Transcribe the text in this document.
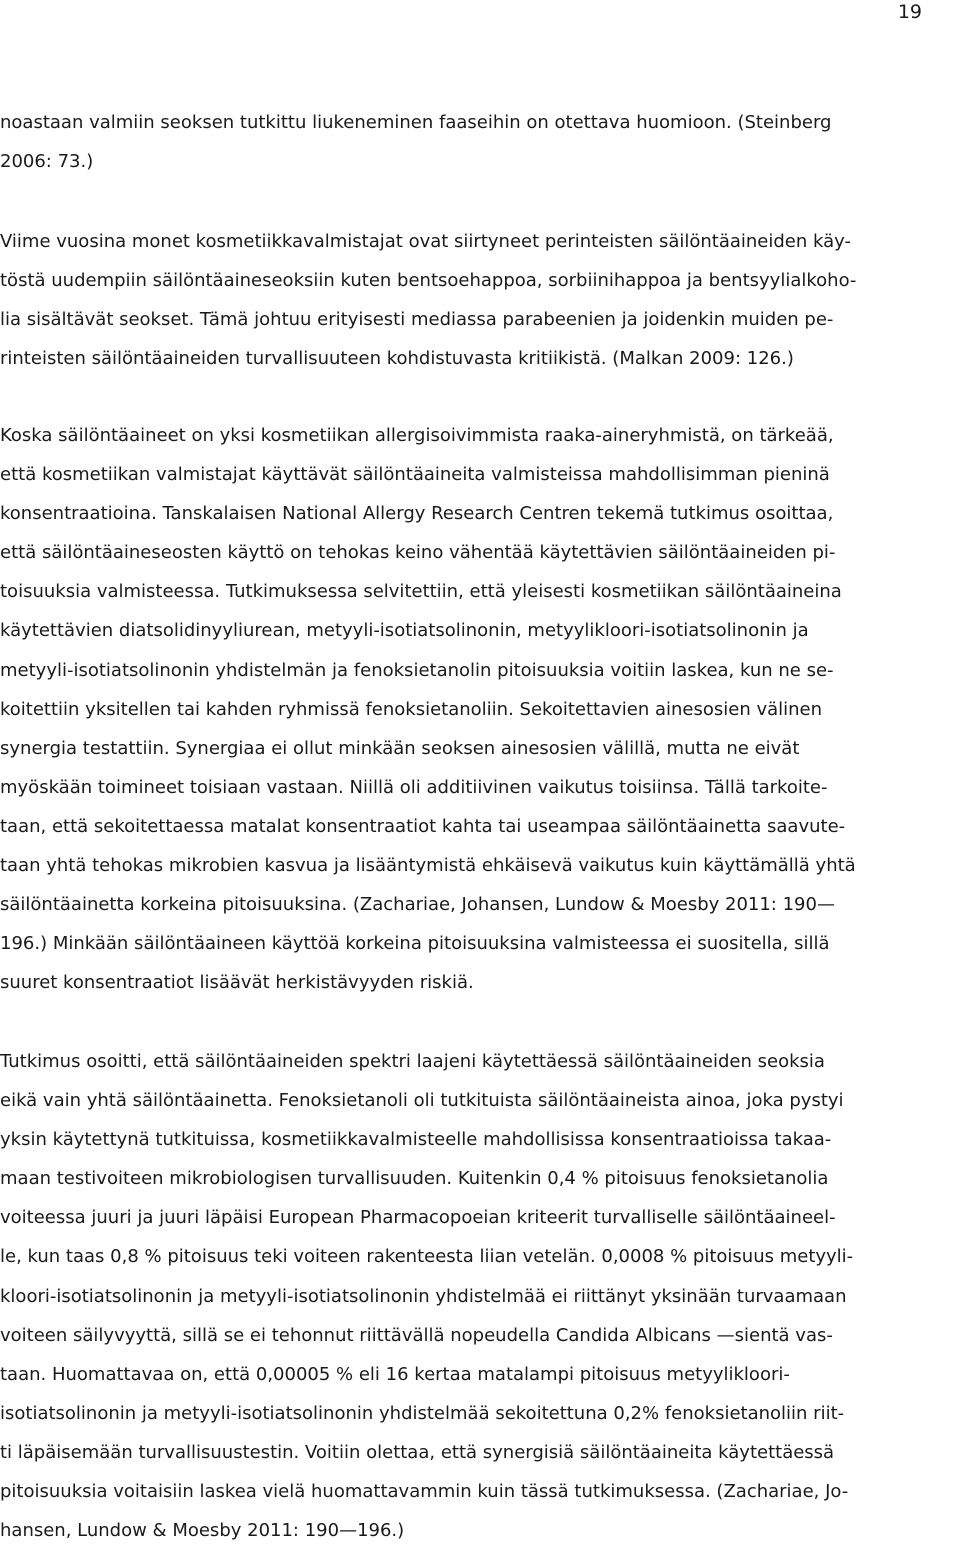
19

noastaan valmiin seoksen tutkittu liukeneminen faaseihin on otettava huomioon. (Steinberg
2006: 73.)

Viime vuosina monet kosmetiikkavalmistajat ovat siirtyneet perinteisten säilöntäaineiden käy-
töstä uudempiin säilöntäaineseoksiin kuten bentsoehappoa, sorbiinihappoa ja bentsyylialkoho-
lia sisältävät seokset. Tämä johtuu erityisesti mediassa parabeenien ja joidenkin muiden pe-
rinteisten säilöntäaineiden turvallisuuteen kohdistuvasta kritiikistä. (Malkan 2009: 126.)

Koska säilöntäaineet on yksi kosmetiikan allergisoivimmista raaka-aineryhmistä, on tärkeää,
että kosmetiikan valmistajat käyttävät säilöntäaineita valmisteissa mahdollisimman pieninä
konsentraatioina. Tanskalaisen National Allergy Research Centren tekemä tutkimus osoittaa,
että säilöntäaineseosten käyttö on tehokas keino vähentää käytettävien säilöntäaineiden pi-
toisuuksia valmisteessa. Tutkimuksessa selvitettiin, että yleisesti kosmetiikan säilöntäaineina
käytettävien diatsolidinyyliurean, metyyli-isotiatsolinonin, metyylikloori-isotiatsolinonin ja
metyyli-isotiatsolinonin yhdistelmän ja fenoksietanolin pitoisuuksia voitiin laskea, kun ne se-
koitettiin yksitellen tai kahden ryhmissä fenoksietanoliin. Sekoitettavien ainesosien välinen
synergia testattiin. Synergiaa ei ollut minkään seoksen ainesosien välillä, mutta ne eivät
myöskään toimineet toisiaan vastaan. Niillä oli additiivinen vaikutus toisiinsa. Tällä tarkoite-
taan, että sekoitettaessa matalat konsentraatiot kahta tai useampaa säilöntäainetta saavute-
taan yhtä tehokas mikrobien kasvua ja lisääntymistä ehkäisevä vaikutus kuin käyttämällä yhtä
säilöntäainetta korkeina pitoisuuksina. (Zachariae, Johansen, Lundow & Moesby 2011: 190—
196.) Minkään säilöntäaineen käyttöä korkeina pitoisuuksina valmisteessa ei suositella, sillä
suuret konsentraatiot lisäävät herkistävyyden riskiä.

Tutkimus osoitti, että säilöntäaineiden spektri laajeni käytettäessä säilöntäaineiden seoksia
eikä vain yhtä säilöntäainetta. Fenoksietanoli oli tutkituista säilöntäaineista ainoa, joka pystyi
yksin käytettynä tutkituissa, kosmetiikkavalmisteelle mahdollisissa konsentraatioissa takaa-
maan testivoiteen mikrobiologisen turvallisuuden. Kuitenkin 0,4 % pitoisuus fenoksietanolia
voiteessa juuri ja juuri läpäisi European Pharmacopoeian kriteerit turvalliselle säilöntäaineel-
le, kun taas 0,8 % pitoisuus teki voiteen rakenteesta liian vetelän. 0,0008 % pitoisuus metyyli-
kloori-isotiatsolinonin ja metyyli-isotiatsolinonin yhdistelmää ei riittänyt yksinään turvaamaan
voiteen säilyvyyttä, sillä se ei tehonnut riittävällä nopeudella Candida Albicans —sientä vas-
taan. Huomattavaa on, että 0,00005 % eli 16 kertaa matalampi pitoisuus metyylikloori-
isotiatsolinonin ja metyyli-isotiatsolinonin yhdistelmää sekoitettuna 0,2% fenoksietanoliin riit-
ti läpäisemään turvallisuustestin. Voitiin olettaa, että synergisiä säilöntäaineita käytettäessä
pitoisuuksia voitaisiin laskea vielä huomattavammin kuin tässä tutkimuksessa. (Zachariae, Jo-
hansen, Lundow & Moesby 2011: 190—196.)
